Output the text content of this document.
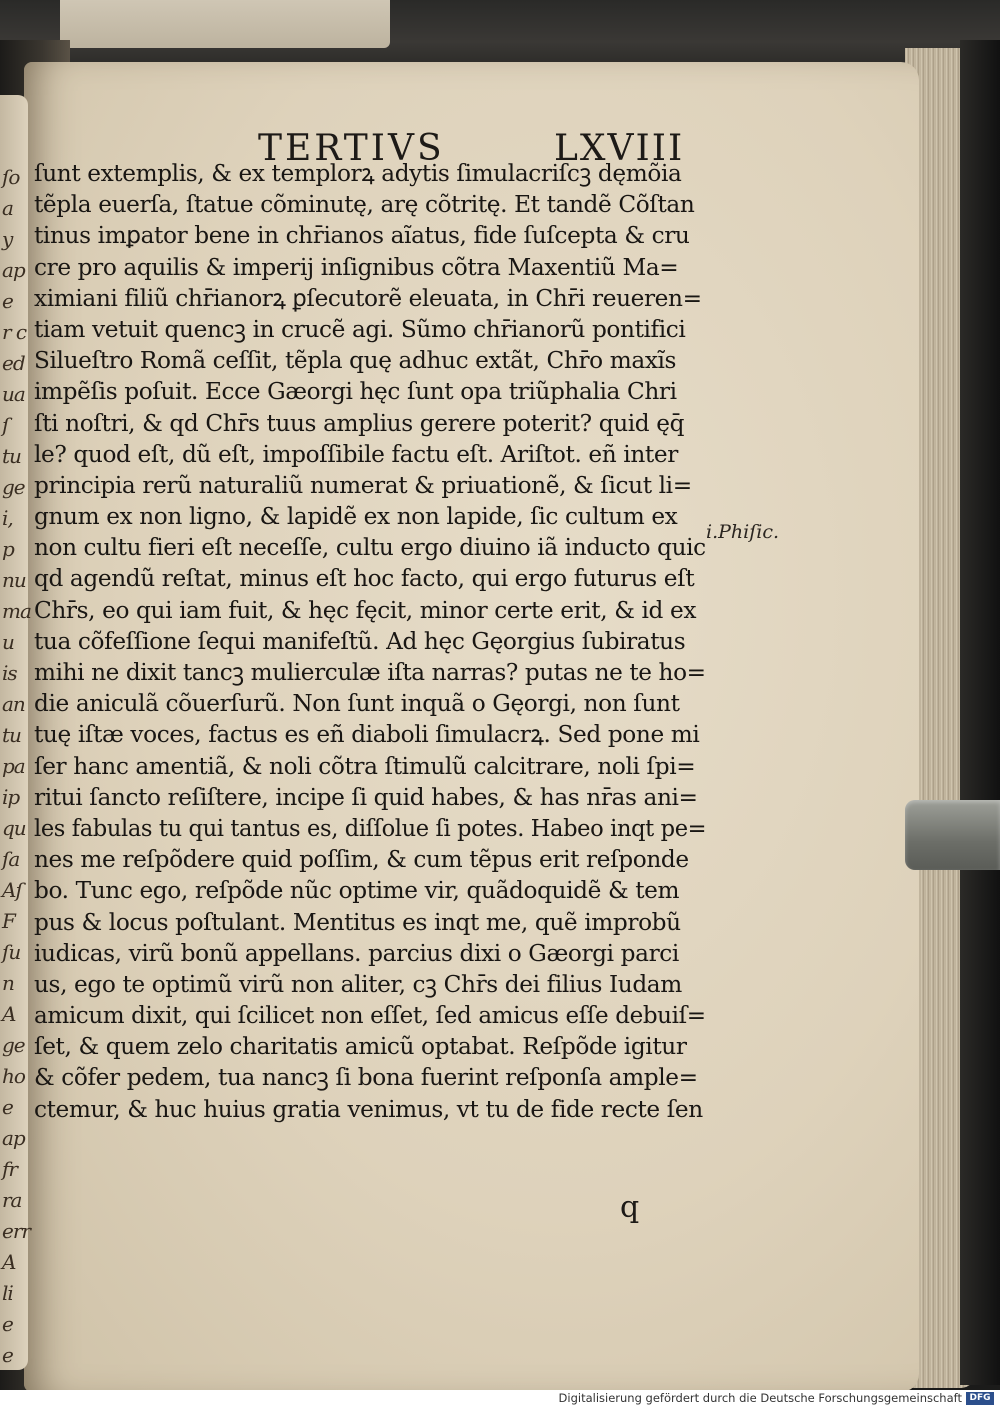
ſo
a
y
ap
e
r c
ed
ua
ſ
tu
ge
i,
p
nu
ma
u
is
an
tu
pa
ip
qu
ſa
Aſ
F
ſu
n
A
ge
ho
e
ap
fr
ra
err
A
li
e
e
TERTIVS	LXVIII
ſunt extemplis, & ex templorꝝ adytis ſimulacriſcꝫ dęmõia
tẽpla euerſa, ſtatue cõminutę, arę cõtritę. Et tandẽ Cõſtan
tinus imꝑator bene in chr̄ianos aĩatus, fide ſuſcepta & cru
cre pro aquilis & imperij inſignibus cõtra Maxentiũ Ma=
ximiani filiũ chr̄ianorꝝ ꝑſecutorẽ eleuata, in Chr̄i reueren=
tiam vetuit quencꝫ in crucẽ agi. Sũmo chr̄ianorũ pontifici
Silueſtro Romã ceſſit, tẽpla quę adhuc extãt, Chr̄o maxĩs
impẽſis poſuit. Ecce Gæorgi hęc ſunt opa triũphalia Chri
ſti noſtri, & qd Chr̄s tuus amplius gerere poterit? quid ęq̄
le? quod eſt, dũ eſt, impoſſibile factu eſt. Ariſtot. eñ inter
principia rerũ naturaliũ numerat & priuationẽ, & ſicut li=
gnum ex non ligno, & lapidẽ ex non lapide, ſic cultum ex
non cultu fieri eſt neceſſe, cultu ergo diuino iã inducto quic
qd agendũ reſtat, minus eſt hoc facto, qui ergo futurus eſt
Chr̄s, eo qui iam fuit, & hęc fęcit, minor certe erit, & id ex
tua cõfeſſione ſequi manifeſtũ. Ad hęc Gęorgius ſubiratus
mihi ne dixit tancꝫ mulierculæ iſta narras? putas ne te ho=
die aniculã cõuerſurũ. Non ſunt inquã o Gęorgi, non ſunt
tuę iſtæ voces, factus es eñ diaboli ſimulacrꝝ. Sed pone mi
ſer hanc amentiã, & noli cõtra ſtimulũ calcitrare, noli ſpi=
ritui ſancto reſiſtere, incipe ſi quid habes, & has nr̄as ani=
les fabulas tu qui tantus es, diſſolue ſi potes. Habeo inqt pe=
nes me reſpõdere quid poſſim, & cum tẽpus erit reſponde
bo. Tunc ego, reſpõde nũc optime vir, quãdoquidẽ & tem
pus & locus poſtulant. Mentitus es inqt me, quẽ improbũ
iudicas, virũ bonũ appellans. parcius dixi o Gæorgi parci
us, ego te optimũ virũ non aliter, cꝫ Chr̄s dei filius Iudam
amicum dixit, qui ſcilicet non eſſet, ſed amicus eſſe debuiſ=
ſet, & quem zelo charitatis amicũ optabat. Reſpõde igitur
& cõfer pedem, tua nancꝫ ſi bona fuerint reſponſa ample=
ctemur, & huc huius gratia venimus, vt tu de fide recte ſen
i.Phiſic.
q
Digitalisierung gefördert durch die Deutsche Forschungsgemeinschaft DFG
